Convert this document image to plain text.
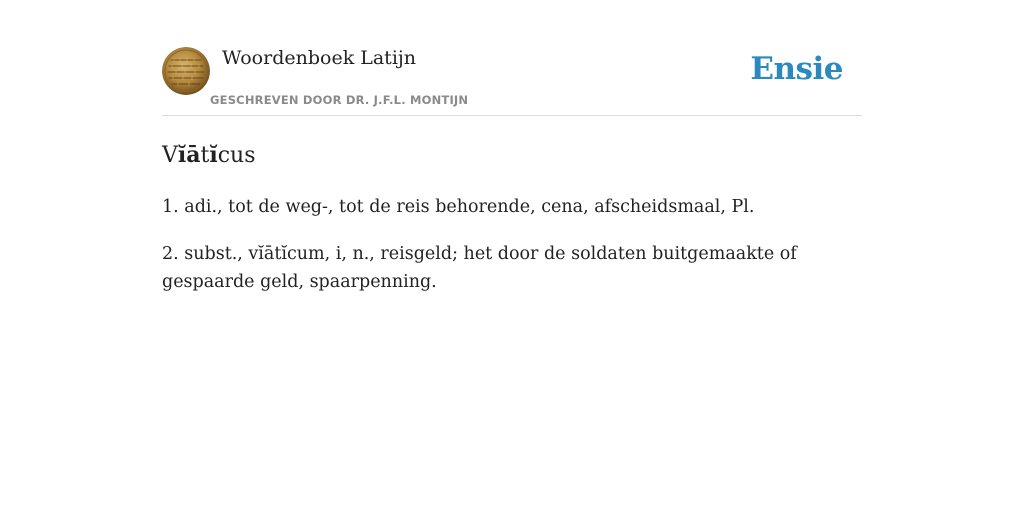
Woordenboek Latijn
GESCHREVEN DOOR DR. J.F.L. MONTIJN
Ensie
Vĭātĭcus

1. adi., tot de weg-, tot de reis behorende, cena, afscheidsmaal, Pl.

2. subst., vĭātĭcum, i, n., reisgeld; het door de soldaten buitgemaakte of gespaarde geld, spaarpenning.
